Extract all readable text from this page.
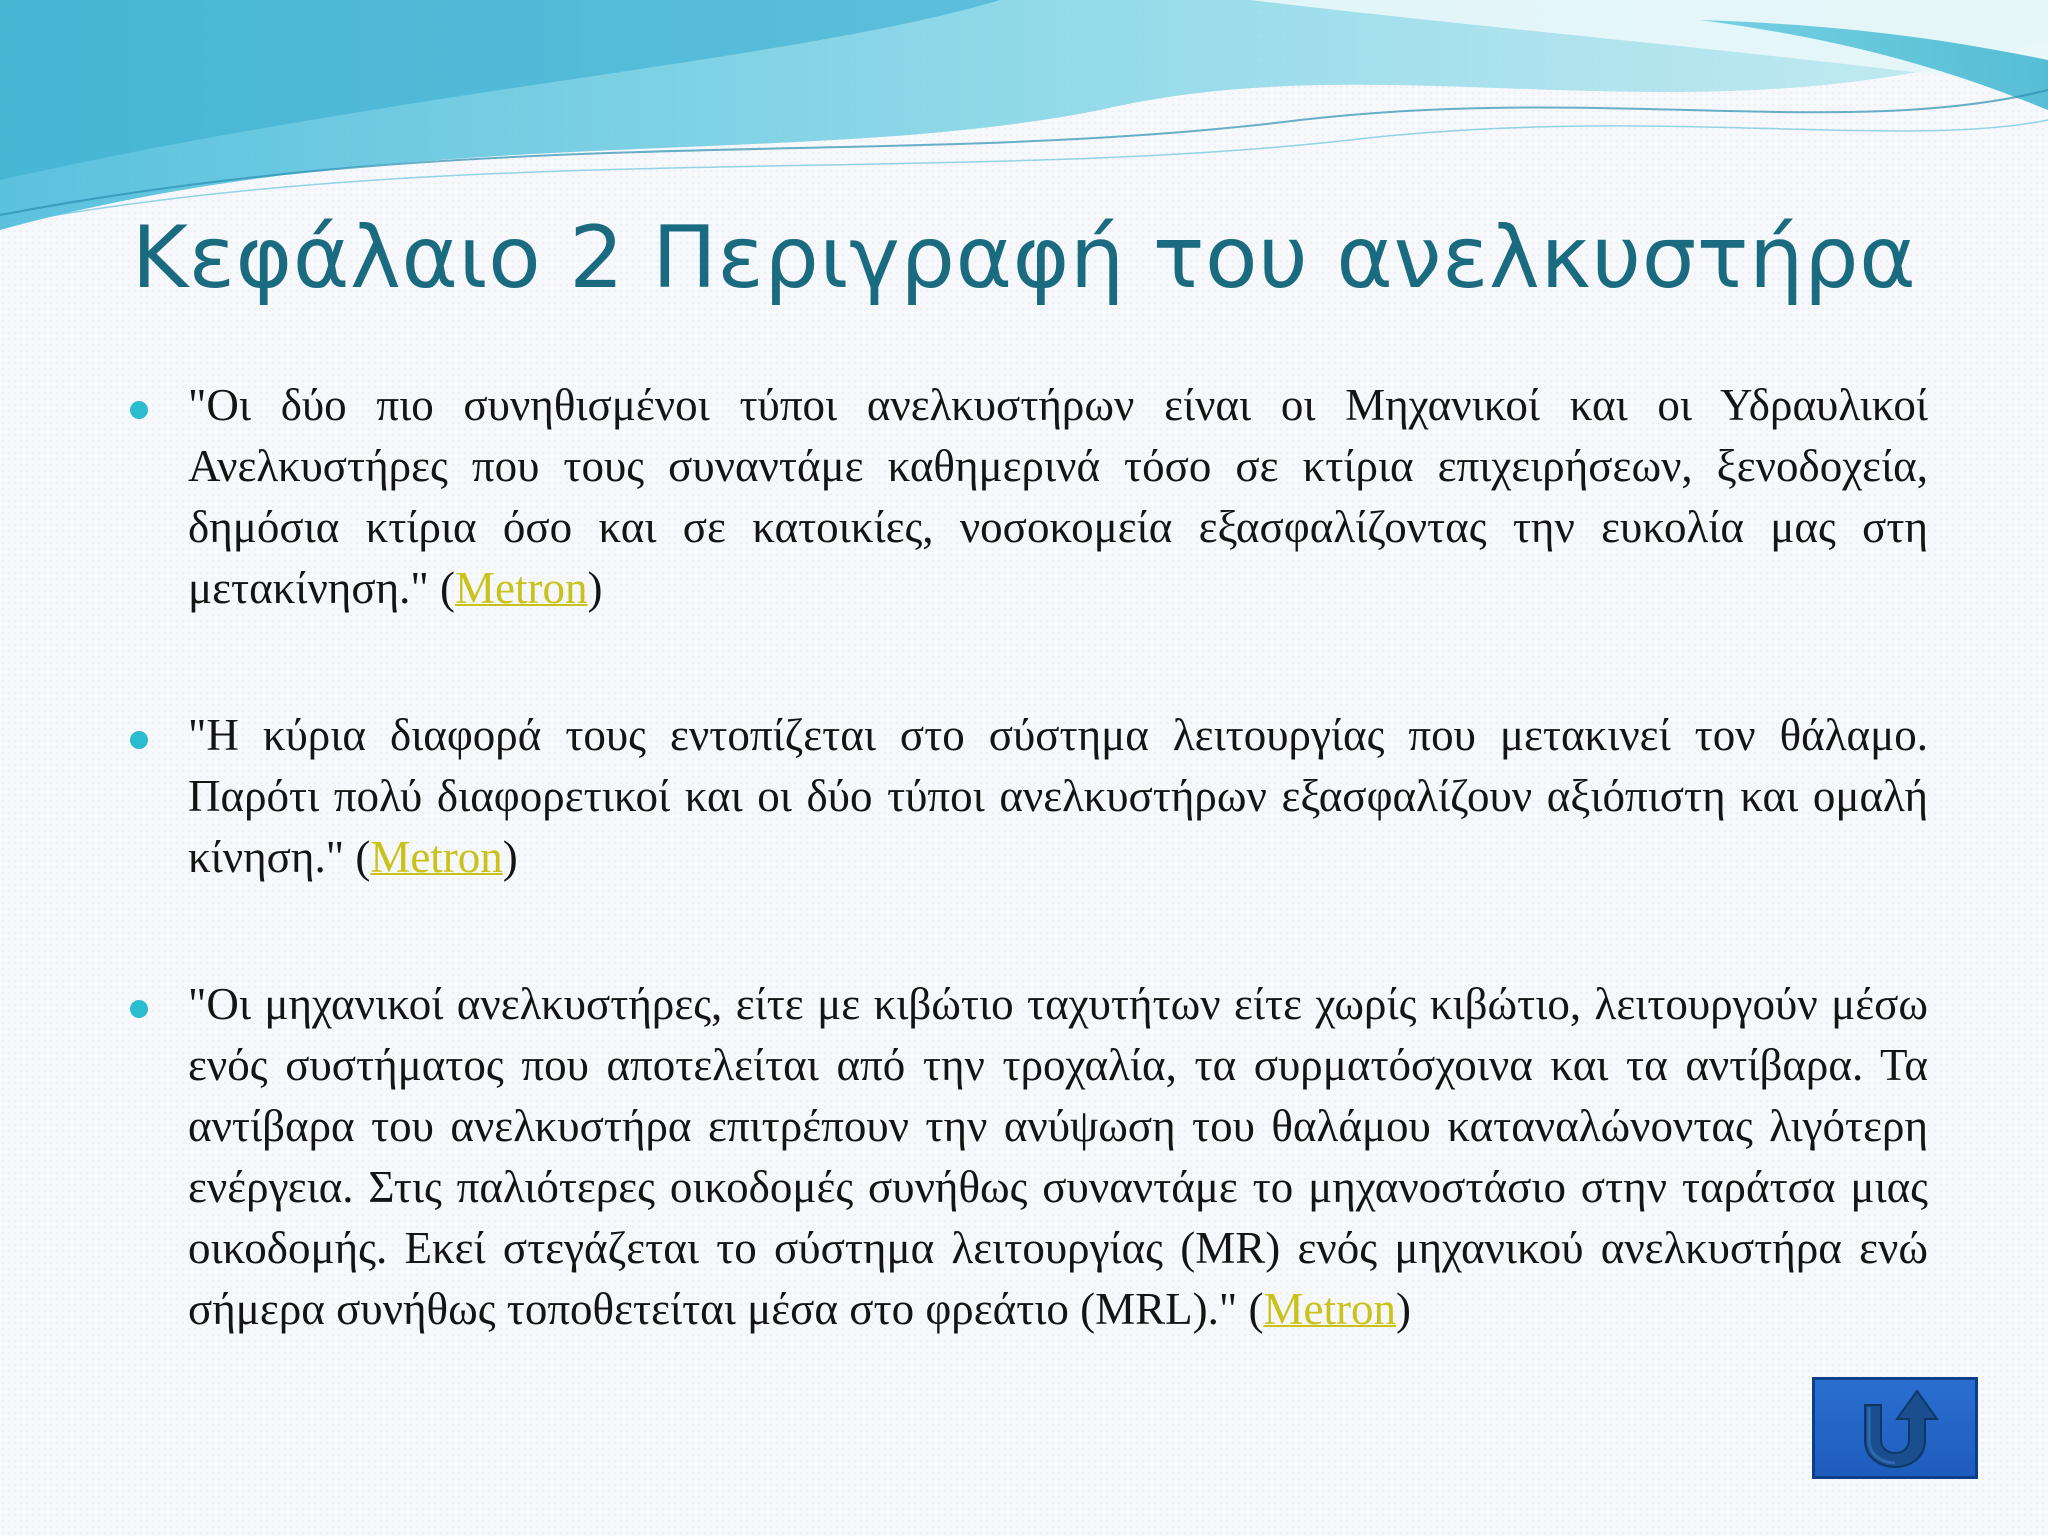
Κεφάλαιο 2 Περιγραφή του ανελκυστήρα

"Οι δύο πιο συνηθισμένοι τύποι ανελκυστήρων είναι οι Μηχανικοί και οι Υδραυλικοί Ανελκυστήρες που τους συναντάμε καθημερινά τόσο σε κτίρια επιχειρήσεων, ξενοδοχεία, δημόσια κτίρια όσο και σε κατοικίες, νοσοκομεία εξασφαλίζοντας την ευκολία μας στη μετακίνηση." (Metron)

"Η κύρια διαφορά τους εντοπίζεται στο σύστημα λειτουργίας που μετακινεί τον θάλαμο. Παρότι πολύ διαφορετικοί και οι δύο τύποι ανελκυστήρων εξασφαλίζουν αξιόπιστη και ομαλή κίνηση." (Metron)

"Οι μηχανικοί ανελκυστήρες, είτε με κιβώτιο ταχυτήτων είτε χωρίς κιβώτιο, λειτουργούν μέσω ενός συστήματος που αποτελείται από την τροχαλία, τα συρματόσχοινα και τα αντίβαρα. Τα αντίβαρα του ανελκυστήρα επιτρέπουν την ανύψωση του θαλάμου καταναλώνοντας λιγότερη ενέργεια. Στις παλιότερες οικοδομές συνήθως συναντάμε το μηχανοστάσιο στην ταράτσα μιας οικοδομής. Εκεί στεγάζεται το σύστημα λειτουργίας (MR) ενός μηχανικού ανελκυστήρα ενώ σήμερα συνήθως τοποθετείται μέσα στο φρεάτιο (MRL)." (Metron)
